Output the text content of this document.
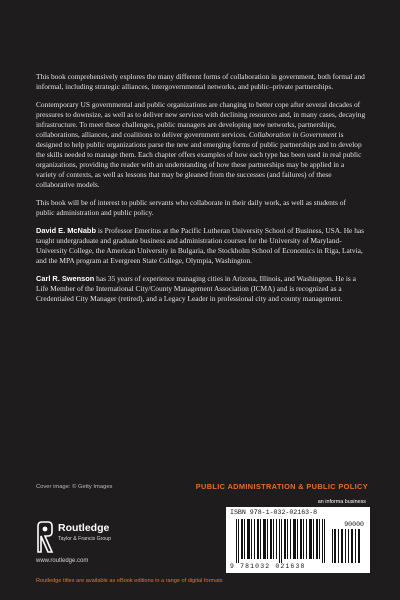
This book comprehensively explores the many different forms of collaboration in government, both formal and informal, including strategic alliances, intergovernmental networks, and public–private partnerships.

Contemporary US governmental and public organizations are changing to better cope after several decades of pressures to downsize, as well as to deliver new services with declining resources and, in many cases, decaying infrastructure. To meet these challenges, public managers are developing new networks, partnerships, collaborations, alliances, and coalitions to deliver government services. Collaboration in Government is designed to help public organizations parse the new and emerging forms of public partnerships and to develop the skills needed to manage them. Each chapter offers examples of how each type has been used in real public organizations, providing the reader with an understanding of how these partnerships may be applied in a variety of contexts, as well as lessons that may be gleaned from the successes (and failures) of these collaborative models.

This book will be of interest to public servants who collaborate in their daily work, as well as students of public administration and public policy.

David E. McNabb is Professor Emeritus at the Pacific Lutheran University School of Business, USA. He has taught undergraduate and graduate business and administration courses for the University of Maryland-University College, the American University in Bulgaria, the Stockholm School of Economics in Riga, Latvia, and the MPA program at Evergreen State College, Olympia, Washington.

Carl R. Swenson has 35 years of experience managing cities in Arizona, Illinois, and Washington. He is a Life Member of the International City/County Management Association (ICMA) and is recognized as a Credentialed City Manager (retired), and a Legacy Leader in professional city and county management.

Cover image: © Getty Images	PUBLIC ADMINISTRATION & PUBLIC POLICY
an informa business
Routledge
Taylor & Francis Group
www.routledge.com
Routledge titles are available as eBook editions in a range of digital formats
ISBN 978-1-032-02163-8
90000
9 781032 021638
